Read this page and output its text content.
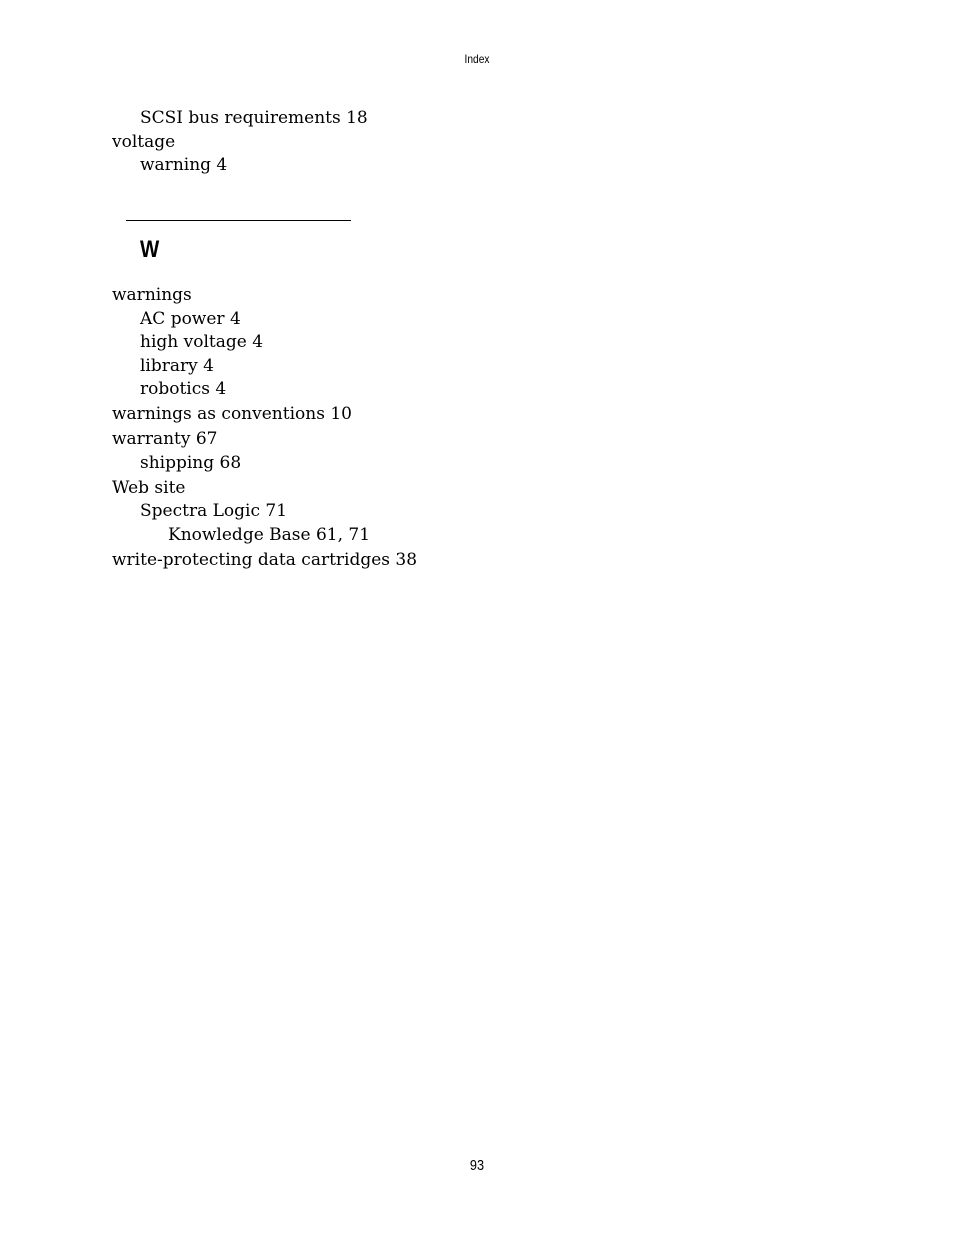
Index
SCSI bus requirements 18
voltage
warning 4
W
warnings
AC power 4
high voltage 4
library 4
robotics 4
warnings as conventions 10
warranty 67
shipping 68
Web site
Spectra Logic 71
Knowledge Base 61, 71
write-protecting data cartridges 38
93
